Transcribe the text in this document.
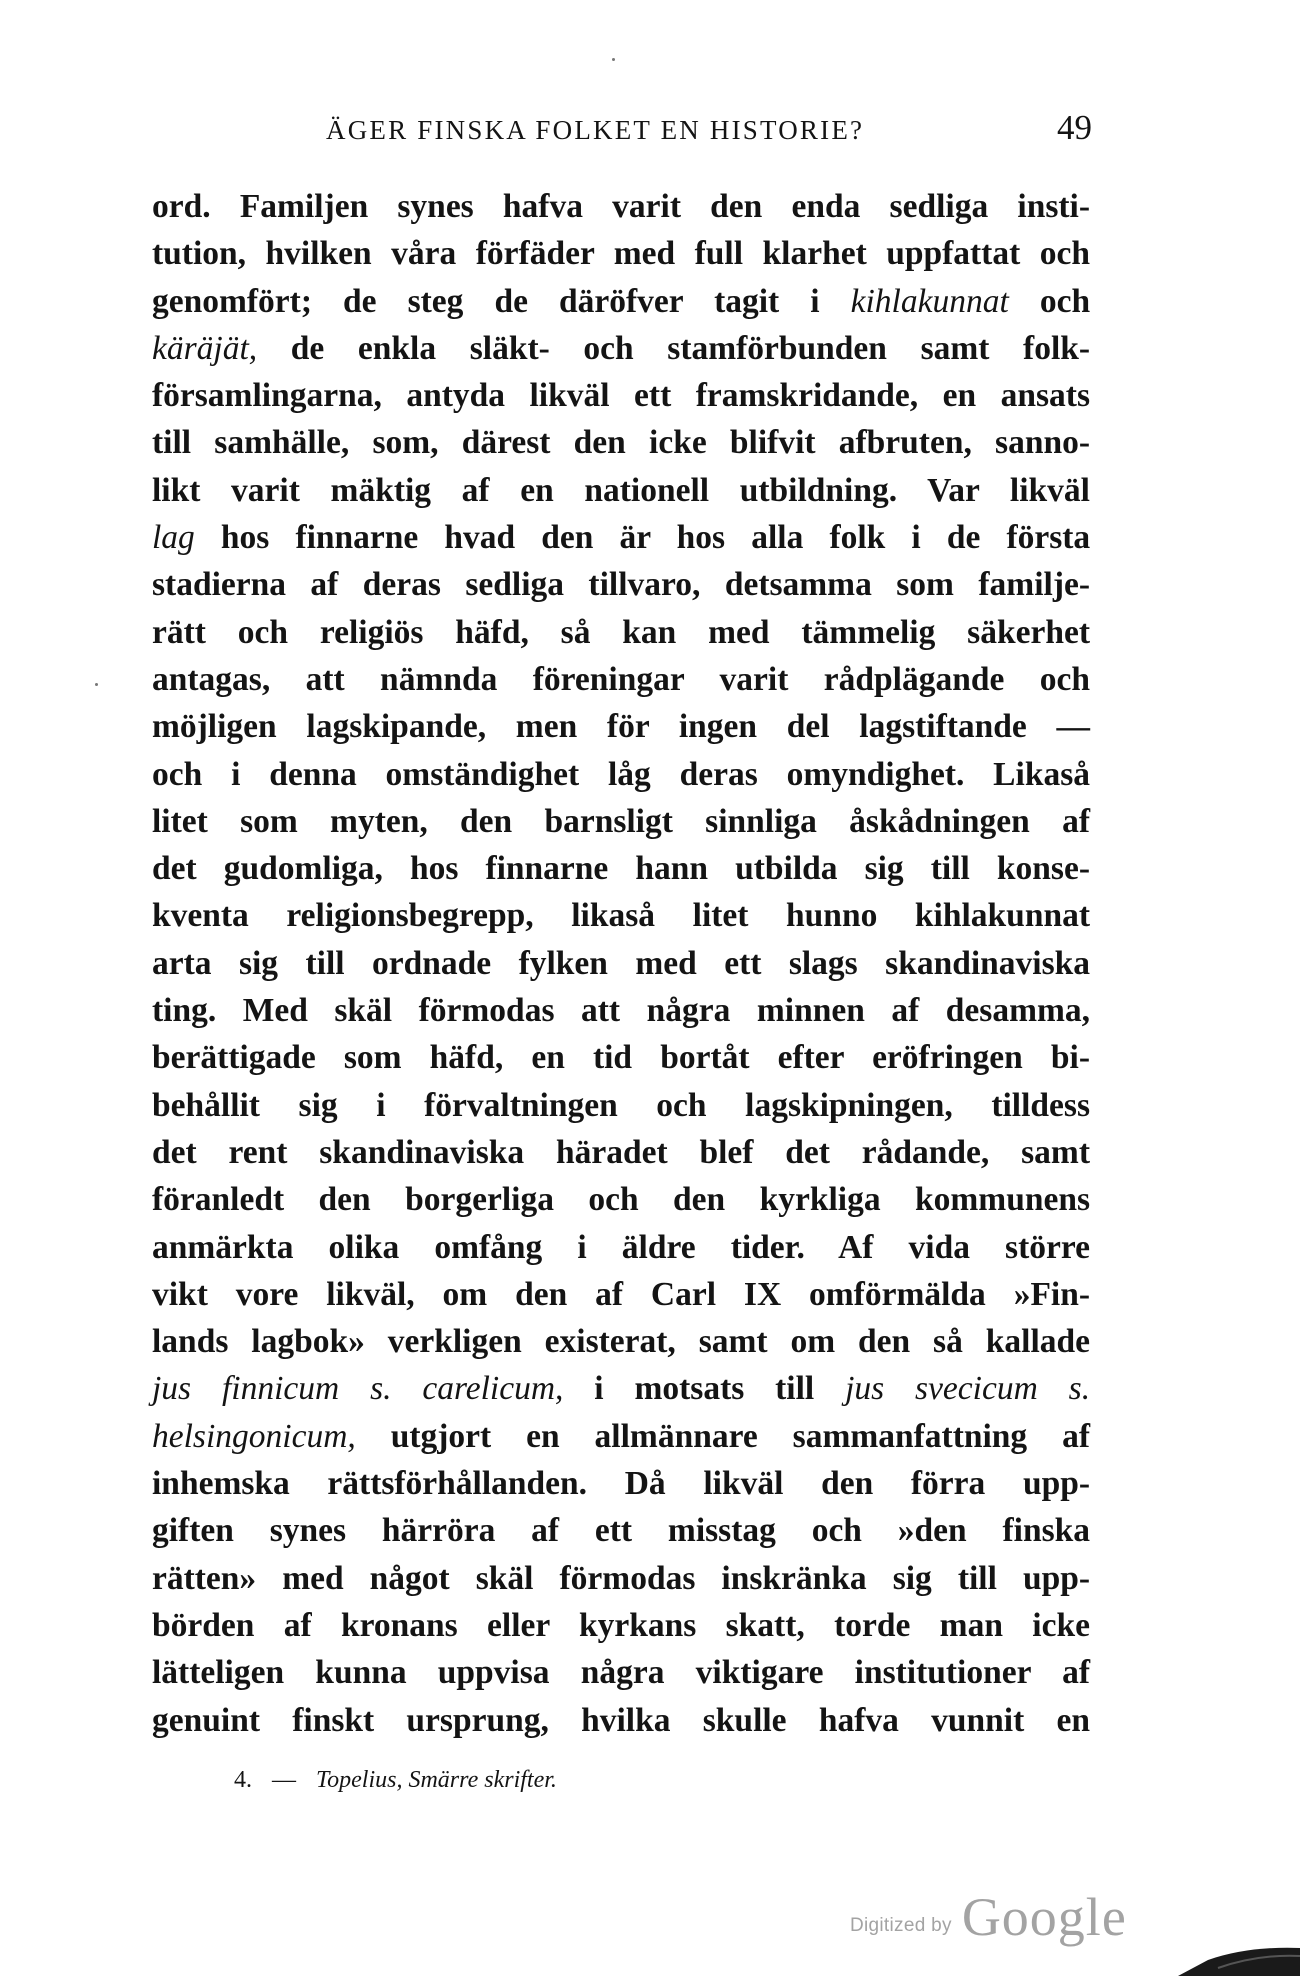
ÄGER FINSKA FOLKET EN HISTORIE?	49
ord. Familjen synes hafva varit den enda sedliga insti-
tution, hvilken våra förfäder med full klarhet uppfattat och
genomfört; de steg de däröfver tagit i kihlakunnat och
käräjät, de enkla släkt- och stamförbunden samt folk-
församlingarna, antyda likväl ett framskridande, en ansats
till samhälle, som, därest den icke blifvit afbruten, sanno-
likt varit mäktig af en nationell utbildning. Var likväl
lag hos finnarne hvad den är hos alla folk i de första
stadierna af deras sedliga tillvaro, detsamma som familje-
rätt och religiös häfd, så kan med tämmelig säkerhet
antagas, att nämnda föreningar varit rådplägande och
möjligen lagskipande, men för ingen del lagstiftande —
och i denna omständighet låg deras omyndighet. Likaså
litet som myten, den barnsligt sinnliga åskådningen af
det gudomliga, hos finnarne hann utbilda sig till konse-
kventa religionsbegrepp, likaså litet hunno kihlakunnat
arta sig till ordnade fylken med ett slags skandinaviska
ting. Med skäl förmodas att några minnen af desamma,
berättigade som häfd, en tid bortåt efter eröfringen bi-
behållit sig i förvaltningen och lagskipningen, tilldess
det rent skandinaviska häradet blef det rådande, samt
föranledt den borgerliga och den kyrkliga kommunens
anmärkta olika omfång i äldre tider. Af vida större
vikt vore likväl, om den af Carl IX omförmälda »Fin-
lands lagbok» verkligen existerat, samt om den så kallade
jus finnicum s. carelicum, i motsats till jus svecicum s.
helsingonicum, utgjort en allmännare sammanfattning af
inhemska rättsförhållanden. Då likväl den förra upp-
giften synes härröra af ett misstag och »den finska
rätten» med något skäl förmodas inskränka sig till upp-
börden af kronans eller kyrkans skatt, torde man icke
lätteligen kunna uppvisa några viktigare institutioner af
genuint finskt ursprung, hvilka skulle hafva vunnit en
4. — Topelius, Smärre skrifter.
Digitized by Google
